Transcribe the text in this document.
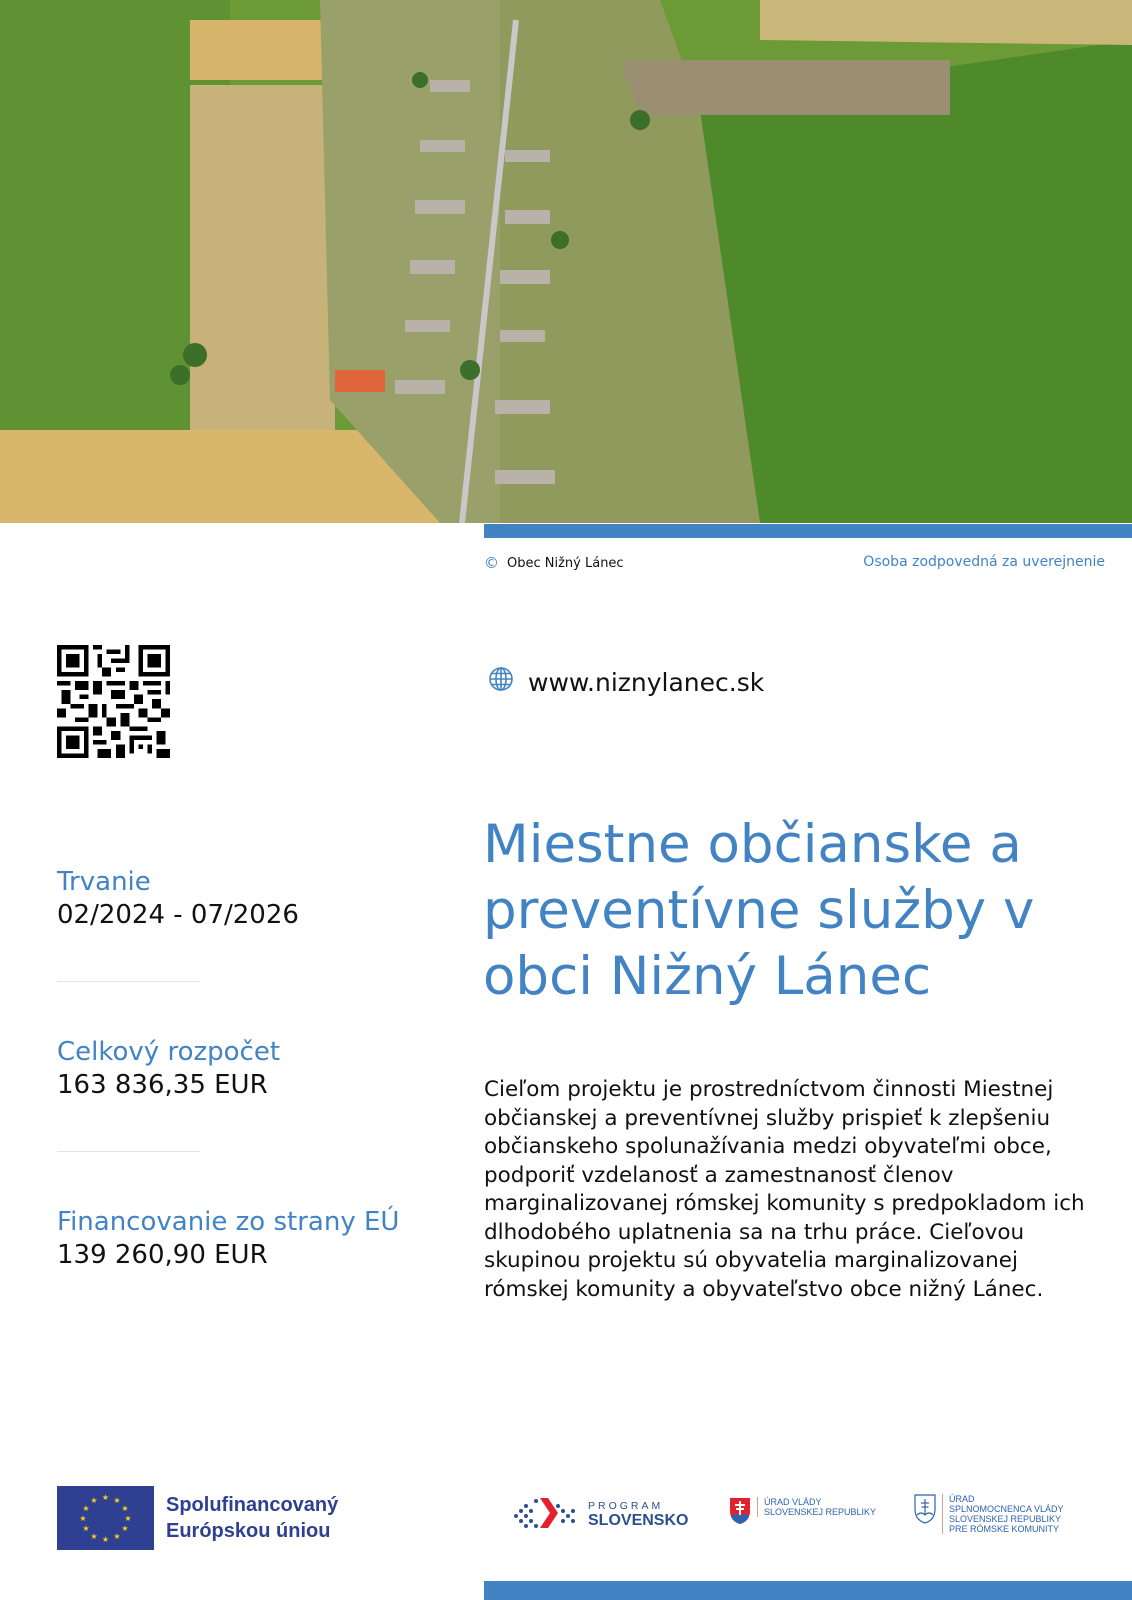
© Obec Nižný Lánec	Osoba zodpovedná za uverejnenie
www.niznylanec.sk
Trvanie
02/2024 - 07/2026
Celkový rozpočet
163 836,35 EUR
Financovanie zo strany EÚ
139 260,90 EUR
Miestne občianske a preventívne služby v obci Nižný Lánec
Cieľom projektu je prostredníctvom činnosti Miestnej občianskej a preventívnej služby prispieť k zlepšeniu občianskeho spolunažívania medzi obyvateľmi obce, podporiť vzdelanosť a zamestnanosť členov marginalizovanej rómskej komunity s predpokladom ich dlhodobého uplatnenia sa na trhu práce. Cieľovou skupinou projektu sú obyvatelia marginalizovanej rómskej komunity a obyvateľstvo obce nižný Lánec.
★ ★
★
★
★
★
★
★
★
★
★
★	Spolufinancovaný
Európskou úniou
PROGRAM
SLOVENSKO
ÚRAD VLÁDY
SLOVENSKEJ REPUBLIKY
ÚRAD
SPLNOMOCNENCA VLÁDY
SLOVENSKEJ REPUBLIKY
PRE RÓMSKE KOMUNITY
